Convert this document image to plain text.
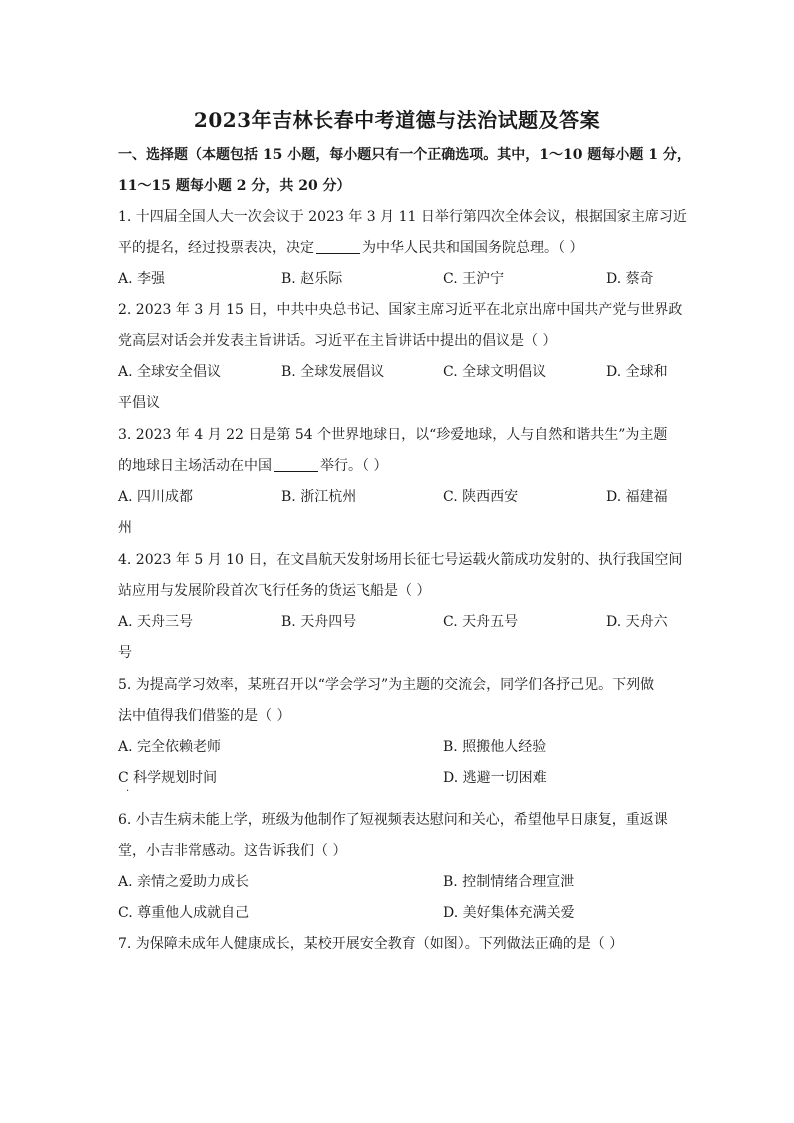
2023年吉林长春中考道德与法治试题及答案
一、选择题（本题包括 15 小题，每小题只有一个正确选项。其中，1～10 题每小题 1 分，
11～15 题每小题 2 分，共 20 分）
1. 十四届全国人大一次会议于 2023 年 3 月 11 日举行第四次全体会议，根据国家主席习近
平的提名，经过投票表决，决定	为中华人民共和国国务院总理。（ ）
A. 李强	B. 赵乐际	C. 王沪宁	D. 蔡奇
2. 2023 年 3 月 15 日，中共中央总书记、国家主席习近平在北京出席中国共产党与世界政
党高层对话会并发表主旨讲话。习近平在主旨讲话中提出的倡议是（ ）
A. 全球安全倡议	B. 全球发展倡议	C. 全球文明倡议	D. 全球和
平倡议
3. 2023 年 4 月 22 日是第 54 个世界地球日，以“珍爱地球，人与自然和谐共生”为主题
的地球日主场活动在中国	举行。（ ）
A. 四川成都	B. 浙江杭州	C. 陕西西安	D. 福建福
州
4. 2023 年 5 月 10 日，在文昌航天发射场用长征七号运载火箭成功发射的、执行我国空间
站应用与发展阶段首次飞行任务的货运飞船是（ ）
A. 天舟三号	B. 天舟四号	C. 天舟五号	D. 天舟六
号
5. 为提高学习效率，某班召开以“学会学习”为主题的交流会，同学们各抒己见。下列做
法中值得我们借鉴的是（ ）
A. 完全依赖老师	B. 照搬他人经验
C 科学规划时间	D. 逃避一切困难
·
6. 小吉生病未能上学，班级为他制作了短视频表达慰问和关心，希望他早日康复，重返课
堂，小吉非常感动。这告诉我们（ ）
A. 亲情之爱助力成长	B. 控制情绪合理宣泄
C. 尊重他人成就自己	D. 美好集体充满关爱
7. 为保障未成年人健康成长，某校开展安全教育（如图）。下列做法正确的是（ ）
